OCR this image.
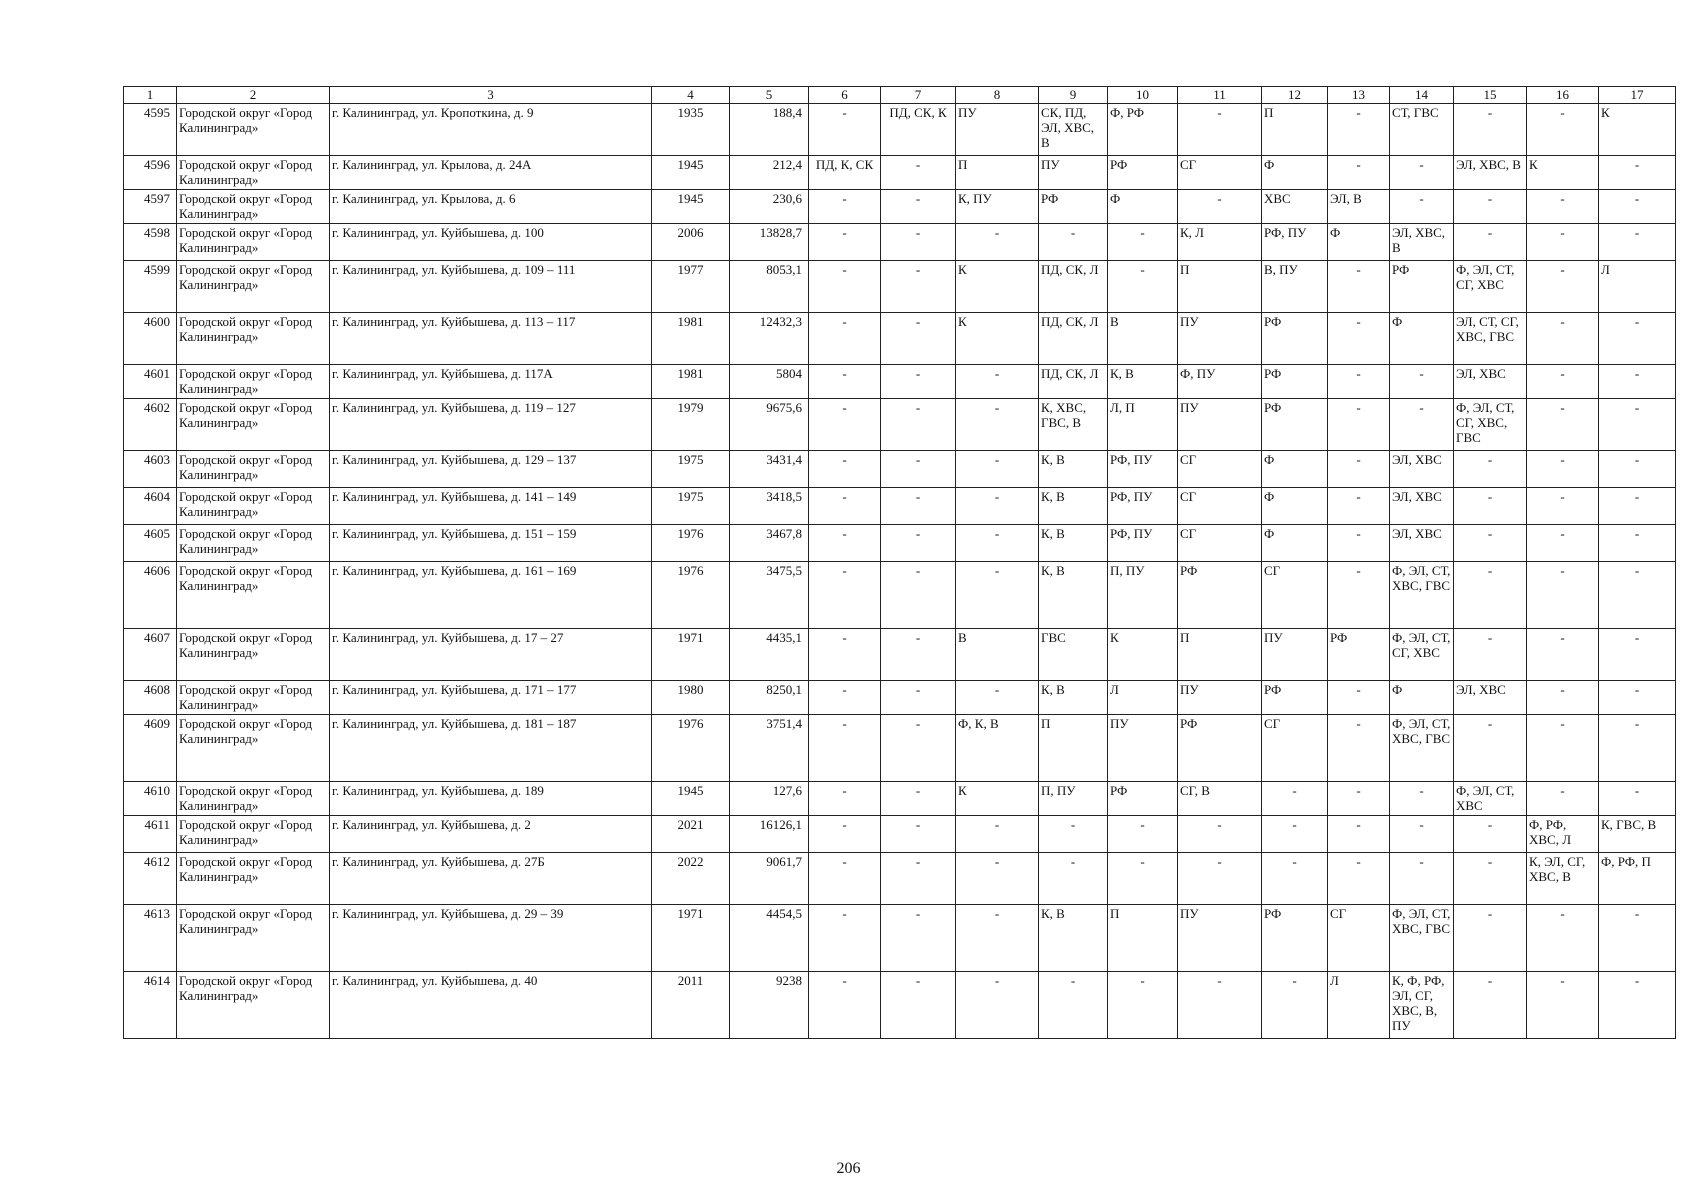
1	2	3	4	5	6	7	8	9	10	11	12	13	14	15	16	17
4595	Городской округ «Город Калининград»	г. Калининград, ул. Кропоткина, д. 9	1935	188,4	-	ПД, СК, К	ПУ	СК, ПД, ЭЛ, ХВС, В	Ф, РФ	-	П	-	СТ, ГВС	-	-	К
4596	Городской округ «Город Калининград»	г. Калининград, ул. Крылова, д. 24А	1945	212,4	ПД, К, СК	-	П	ПУ	РФ	СГ	Ф	-	-	ЭЛ, ХВС, В	К	-
4597	Городской округ «Город Калининград»	г. Калининград, ул. Крылова, д. 6	1945	230,6	-	-	К, ПУ	РФ	Ф	-	ХВС	ЭЛ, В	-	-	-	-
4598	Городской округ «Город Калининград»	г. Калининград, ул. Куйбышева, д. 100	2006	13828,7	-	-	-	-	-	К, Л	РФ, ПУ	Ф	ЭЛ, ХВС, В	-	-	-
4599	Городской округ «Город Калининград»	г. Калининград, ул. Куйбышева, д. 109 – 111	1977	8053,1	-	-	К	ПД, СК, Л	-	П	В, ПУ	-	РФ	Ф, ЭЛ, СТ, СГ, ХВС	-	Л
4600	Городской округ «Город Калининград»	г. Калининград, ул. Куйбышева, д. 113 – 117	1981	12432,3	-	-	К	ПД, СК, Л	В	ПУ	РФ	-	Ф	ЭЛ, СТ, СГ, ХВС, ГВС	-	-
4601	Городской округ «Город Калининград»	г. Калининград, ул. Куйбышева, д. 117А	1981	5804	-	-	-	ПД, СК, Л	К, В	Ф, ПУ	РФ	-	-	ЭЛ, ХВС	-	-
4602	Городской округ «Город Калининград»	г. Калининград, ул. Куйбышева, д. 119 – 127	1979	9675,6	-	-	-	К, ХВС, ГВС, В	Л, П	ПУ	РФ	-	-	Ф, ЭЛ, СТ, СГ, ХВС, ГВС	-	-
4603	Городской округ «Город Калининград»	г. Калининград, ул. Куйбышева, д. 129 – 137	1975	3431,4	-	-	-	К, В	РФ, ПУ	СГ	Ф	-	ЭЛ, ХВС	-	-	-
4604	Городской округ «Город Калининград»	г. Калининград, ул. Куйбышева, д. 141 – 149	1975	3418,5	-	-	-	К, В	РФ, ПУ	СГ	Ф	-	ЭЛ, ХВС	-	-	-
4605	Городской округ «Город Калининград»	г. Калининград, ул. Куйбышева, д. 151 – 159	1976	3467,8	-	-	-	К, В	РФ, ПУ	СГ	Ф	-	ЭЛ, ХВС	-	-	-
4606	Городской округ «Город Калининград»	г. Калининград, ул. Куйбышева, д. 161 – 169	1976	3475,5	-	-	-	К, В	П, ПУ	РФ	СГ	-	Ф, ЭЛ, СТ, ХВС, ГВС	-	-	-
4607	Городской округ «Город Калининград»	г. Калининград, ул. Куйбышева, д. 17 – 27	1971	4435,1	-	-	В	ГВС	К	П	ПУ	РФ	Ф, ЭЛ, СТ, СГ, ХВС	-	-	-
4608	Городской округ «Город Калининград»	г. Калининград, ул. Куйбышева, д. 171 – 177	1980	8250,1	-	-	-	К, В	Л	ПУ	РФ	-	Ф	ЭЛ, ХВС	-	-
4609	Городской округ «Город Калининград»	г. Калининград, ул. Куйбышева, д. 181 – 187	1976	3751,4	-	-	Ф, К, В	П	ПУ	РФ	СГ	-	Ф, ЭЛ, СТ, ХВС, ГВС	-	-	-
4610	Городской округ «Город Калининград»	г. Калининград, ул. Куйбышева, д. 189	1945	127,6	-	-	К	П, ПУ	РФ	СГ, В	-	-	-	Ф, ЭЛ, СТ, ХВС	-	-
4611	Городской округ «Город Калининград»	г. Калининград, ул. Куйбышева, д. 2	2021	16126,1	-	-	-	-	-	-	-	-	-	-	Ф, РФ, ХВС, Л	К, ГВС, В
4612	Городской округ «Город Калининград»	г. Калининград, ул. Куйбышева, д. 27Б	2022	9061,7	-	-	-	-	-	-	-	-	-	-	К, ЭЛ, СГ, ХВС, В	Ф, РФ, П
4613	Городской округ «Город Калининград»	г. Калининград, ул. Куйбышева, д. 29 – 39	1971	4454,5	-	-	-	К, В	П	ПУ	РФ	СГ	Ф, ЭЛ, СТ, ХВС, ГВС	-	-	-
4614	Городской округ «Город Калининград»	г. Калининград, ул. Куйбышева, д. 40	2011	9238	-	-	-	-	-	-	-	Л	К, Ф, РФ, ЭЛ, СГ, ХВС, В, ПУ	-	-	-
206
